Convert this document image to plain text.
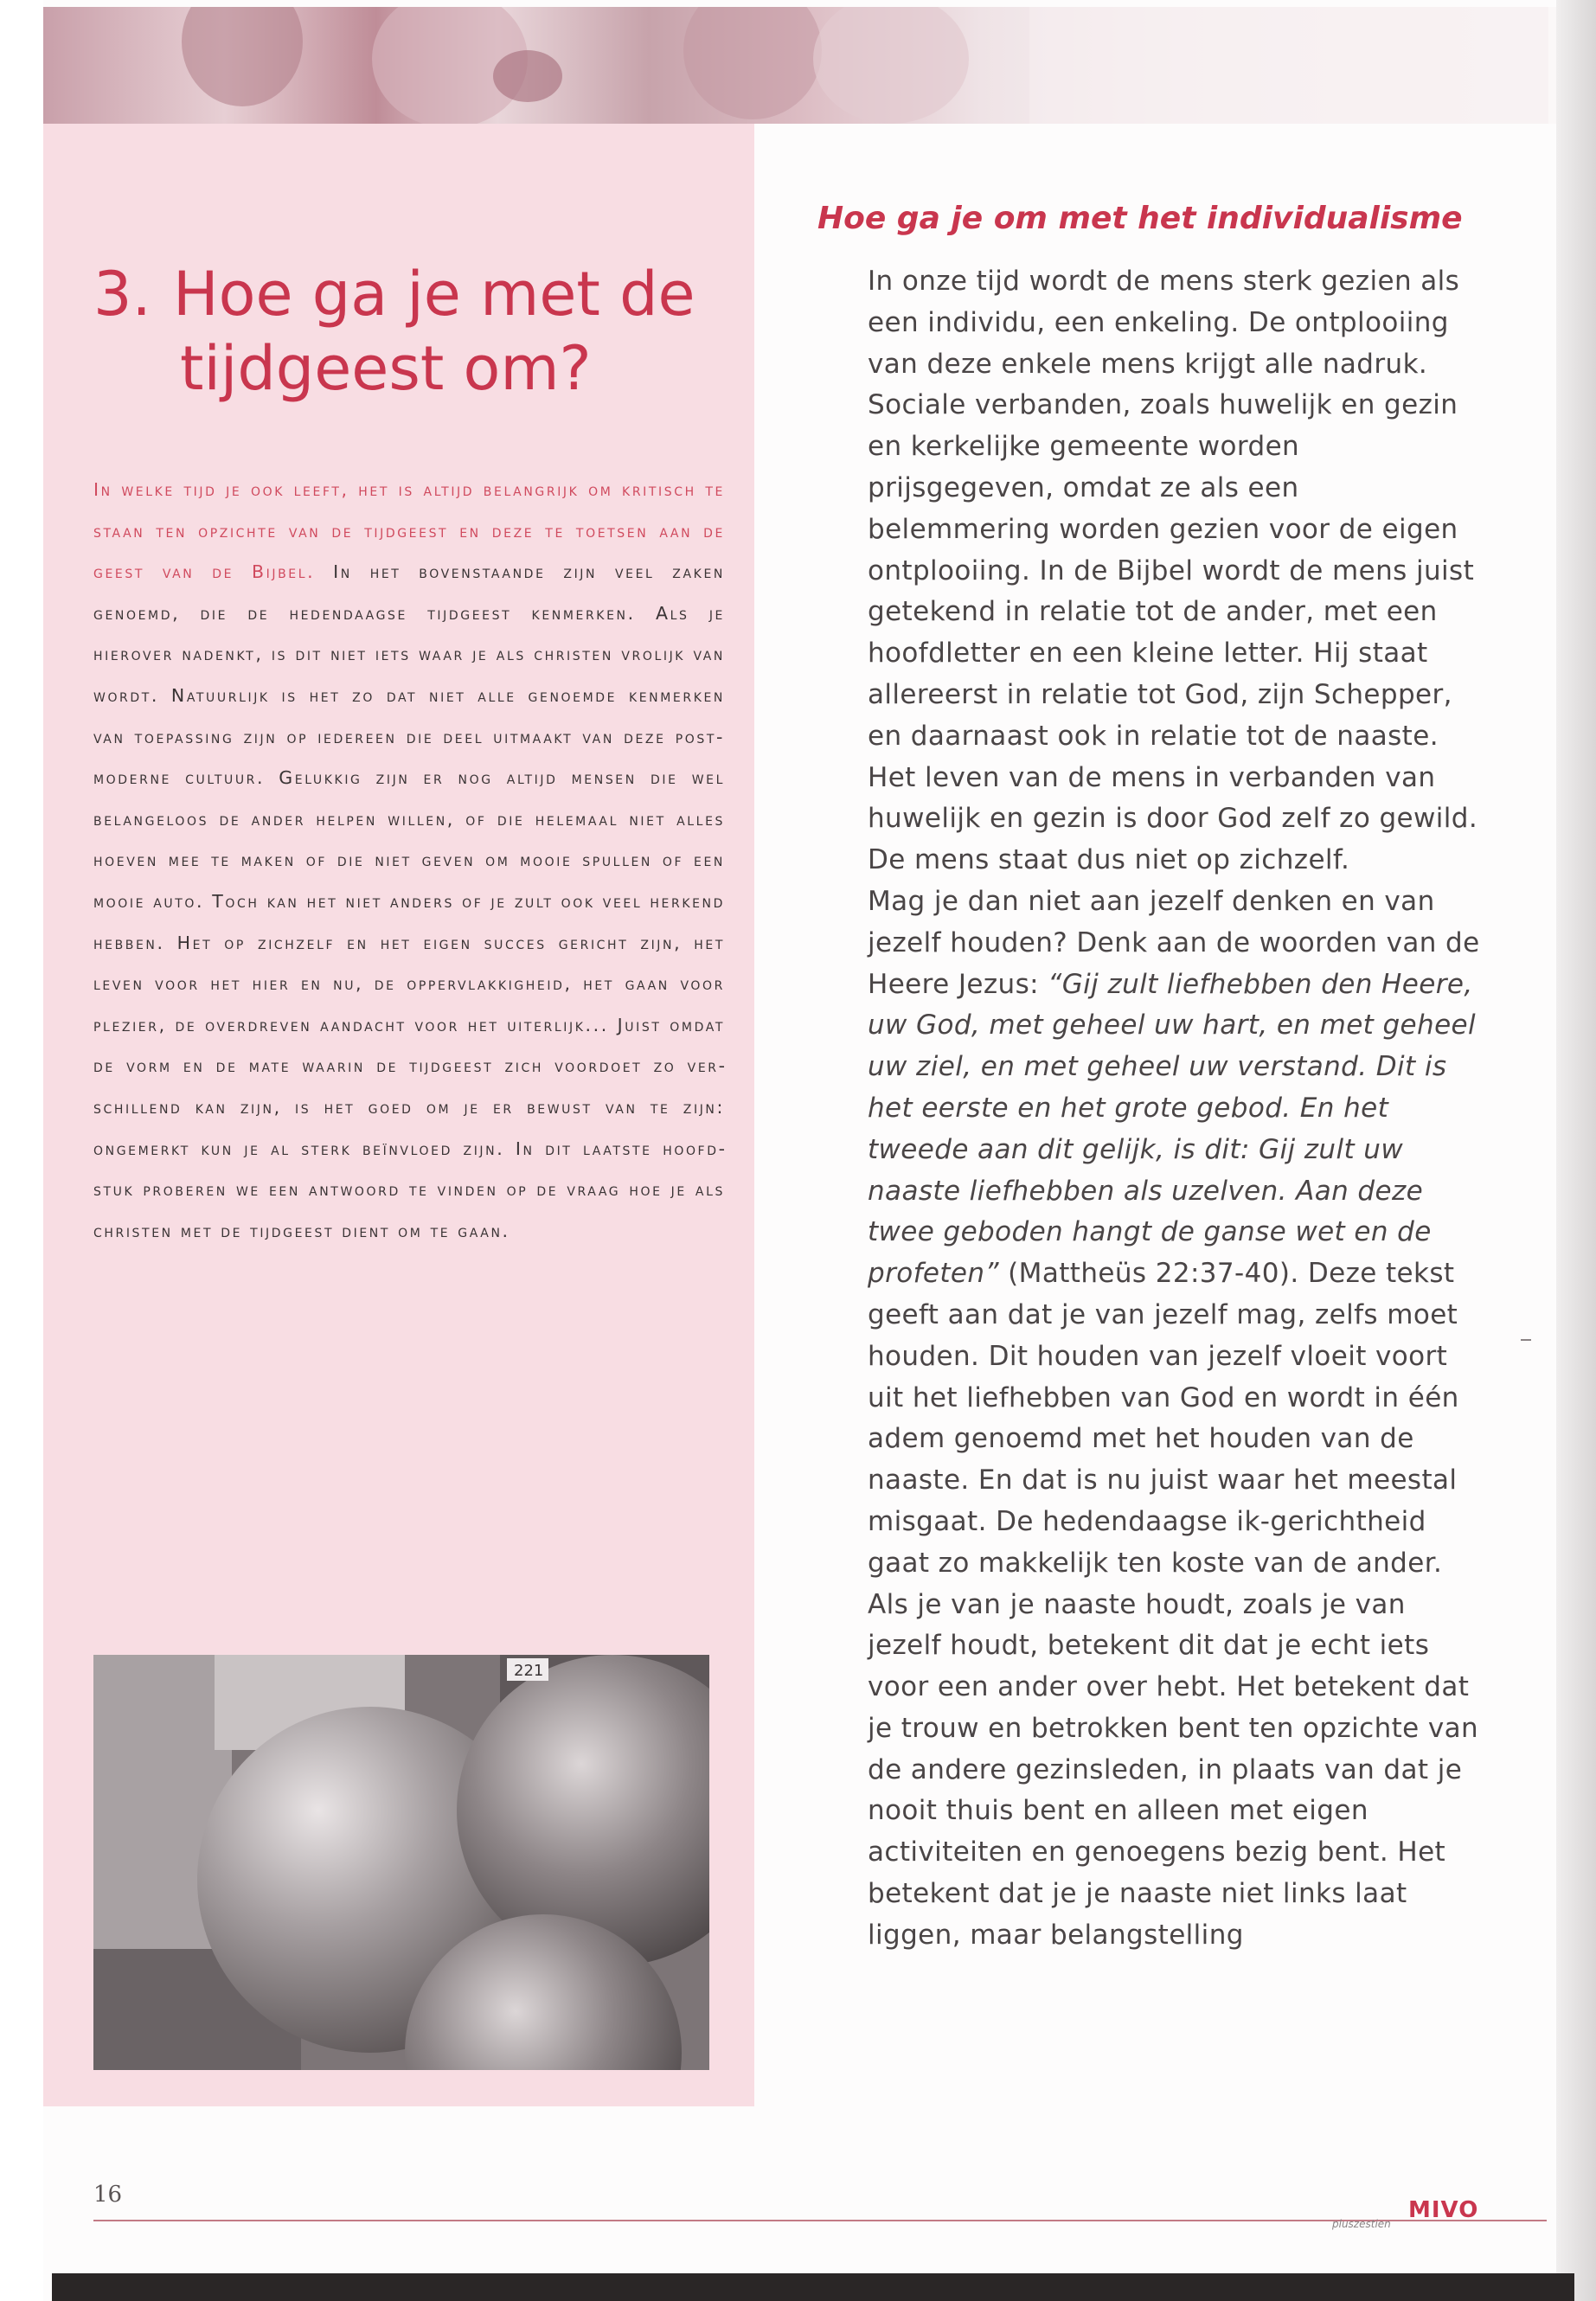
3. Hoe ga je met de
tijdgeest om?
In welke tijd je ook leeft, het is altijd belangrijk om kritisch te staan ten opzichte van de tijdgeest en deze te toetsen aan de geest van de Bijbel. In het bovenstaande zijn veel zaken genoemd, die de hedendaagse tijdgeest kenmerken. Als je hierover nadenkt, is dit niet iets waar je als christen vrolijk van wordt. Natuurlijk is het zo dat niet alle genoemde kenmerken van toepassing zijn op iedereen die deel uitmaakt van deze post-moderne cultuur. Gelukkig zijn er nog altijd mensen die wel belangeloos de ander helpen willen, of die helemaal niet alles hoeven mee te maken of die niet geven om mooie spullen of een mooie auto. Toch kan het niet anders of je zult ook veel herkend hebben. Het op zichzelf en het eigen succes gericht zijn, het leven voor het hier en nu, de oppervlakkigheid, het gaan voor plezier, de overdreven aandacht voor het uiterlijk... Juist omdat de vorm en de mate waarin de tijdgeest zich voordoet zo verschillend kan zijn, is het goed om je er bewust van te zijn: ongemerkt kun je al sterk beïnvloed zijn. In dit laatste hoofdstuk proberen we een antwoord te vinden op de vraag hoe je als christen met de tijdgeest dient om te gaan.
221
Hoe ga je om met het individualisme

In onze tijd wordt de mens sterk gezien als een individu, een enkeling. De ontplooiing van deze enkele mens krijgt alle nadruk. Sociale verbanden, zoals huwelijk en gezin en kerkelijke gemeente worden prijsgegeven, omdat ze als een belemmering worden gezien voor de eigen ontplooiing. In de Bijbel wordt de mens juist getekend in relatie tot de ander, met een hoofdletter en een kleine letter. Hij staat allereerst in relatie tot God, zijn Schepper, en daarnaast ook in relatie tot de naaste. Het leven van de mens in verbanden van huwelijk en gezin is door God zelf zo gewild. De mens staat dus niet op zichzelf.

Mag je dan niet aan jezelf denken en van jezelf houden? Denk aan de woorden van de Heere Jezus: “Gij zult liefhebben den Heere, uw God, met geheel uw hart, en met geheel uw ziel, en met geheel uw verstand. Dit is het eerste en het grote gebod. En het tweede aan dit gelijk, is dit: Gij zult uw naaste liefhebben als uzelven. Aan deze twee geboden hangt de ganse wet en de profeten” (Mattheüs 22:37-40). Deze tekst geeft aan dat je van jezelf mag, zelfs moet houden. Dit houden van jezelf vloeit voort uit het liefhebben van God en wordt in één adem genoemd met het houden van de naaste. En dat is nu juist waar het meestal misgaat. De hedendaagse ik-gerichtheid gaat zo makkelijk ten koste van de ander. Als je van je naaste houdt, zoals je van jezelf houdt, betekent dit dat je echt iets voor een ander over hebt. Het betekent dat je trouw en betrokken bent ten opzichte van de andere gezinsleden, in plaats van dat je nooit thuis bent en alleen met eigen activiteiten en genoegens bezig bent. Het betekent dat je je naaste niet links laat liggen, maar belangstelling

16
pluszestien
MIVO
